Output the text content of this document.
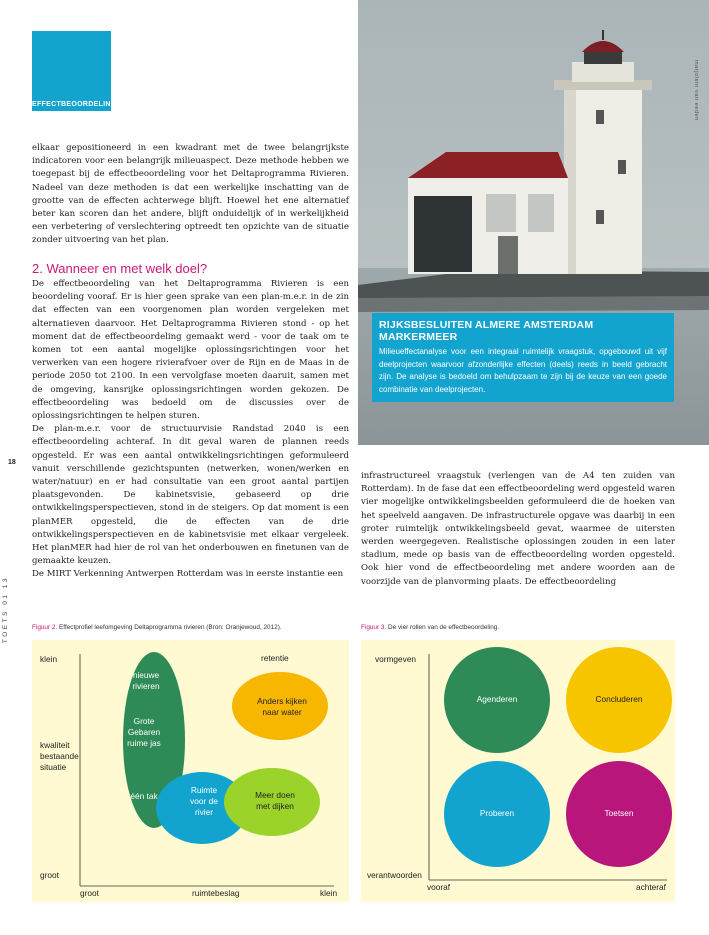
EFFECTBEOORDELING	marjolein van eeden
RIJKSBESLUITEN ALMERE AMSTERDAM MARKERMEER

Milieueffectanalyse voor een integraal ruimtelijk vraagstuk, opgebouwd uit vijf deelprojecten waarvoor afzonderlijke effecten (deels) reeds in beeld gebracht zijn. De analyse is bedoeld om behulpzaam te zijn bij de keuze van een goede combinatie van deelprojecten.

elkaar gepositioneerd in een kwadrant met de twee belangrijkste indicatoren voor een belangrijk milieuaspect. Deze methode hebben we toegepast bij de effectbeoordeling voor het Deltaprogramma Rivieren. Nadeel van deze methoden is dat een werkelijke inschatting van de grootte van de effecten achterwege blijft. Hoewel het ene alternatief beter kan scoren dan het andere, blijft onduidelijk of in werkelijkheid een verbetering of verslechtering optreedt ten opzichte van de situatie zonder uitvoering van het plan.

2. Wanneer en met welk doel?

De effectbeoordeling van het Deltaprogramma Rivieren is een beoordeling vooraf. Er is hier geen sprake van een plan-m.e.r. in de zin dat effecten van een voorgenomen plan worden vergeleken met alternatieven daarvoor. Het Deltaprogramma Rivieren stond - op het moment dat de effectbeoordeling gemaakt werd - voor de taak om te komen tot een aantal mogelijke oplossingsrichtingen voor het verwerken van een hogere rivierafvoer over de Rijn en de Maas in de periode 2050 tot 2100. In een vervolgfase moeten daaruit, samen met de omgeving, kansrijke oplossingsrichtingen worden gekozen. De effectbeoordeling was bedoeld om de discussies over de oplossingsrichtingen te helpen sturen.

De plan-m.e.r. voor de structuurvisie Randstad 2040 is een effectbeoordeling achteraf. In dit geval waren de plannen reeds opgesteld. Er was een aantal ontwikkelingsrichtingen geformuleerd vanuit verschillende gezichtspunten (netwerken, wonen/werken en water/natuur) en er had consultatie van een groot aantal partijen plaatsgevonden. De kabinetsvisie, gebaseerd op drie ontwikkelingsperspectieven, stond in de steigers. Op dat moment is een planMER opgesteld, die de effecten van de drie ontwikkelingsperspectieven en de kabinetsvisie met elkaar vergeleek. Het planMER had hier de rol van het onderbouwen en finetunen van de gemaakte keuzen.

De MIRT Verkenning Antwerpen Rotterdam was in eerste instantie een

infrastructureel vraagstuk (verlengen van de A4 ten zuiden van Rotterdam). In de fase dat een effectbeoordeling werd opgesteld waren vier mogelijke ontwikkelingsbeelden geformuleerd die de hoeken van het speelveld aangaven. De infrastructurele opgave was daarbij in een groter ruimtelijk ontwikkelingsbeeld gevat, waarmee de uitersten werden weergegeven. Realistische oplossingen zouden in een later stadium, mede op basis van de effectbeoordeling worden opgesteld. Ook hier vond de effectbeoordeling met andere woorden aan de voorzijde van de planvorming plaats. De effectbeoordeling

18
TOETS 01 13	Figuur 2. Effectprofiel leefomgeving Deltaprogramma rivieren (Bron: Oranjewoud, 2012).	Figuur 3. De vier rollen van de effectbeoordeling.
klein
kwaliteit
bestaande
situatie
groot
groot	ruimtebeslag	klein
retentie
nieuwe
rivieren
Grote
Gebaren
ruime jas
één tak
Ruimte
voor de
rivier
Anders kijken
naar water
Meer doen
met dijken
vormgeven
verantwoorden
vooraf	achteraf
Agenderen	Concluderen
Proberen	Toetsen
